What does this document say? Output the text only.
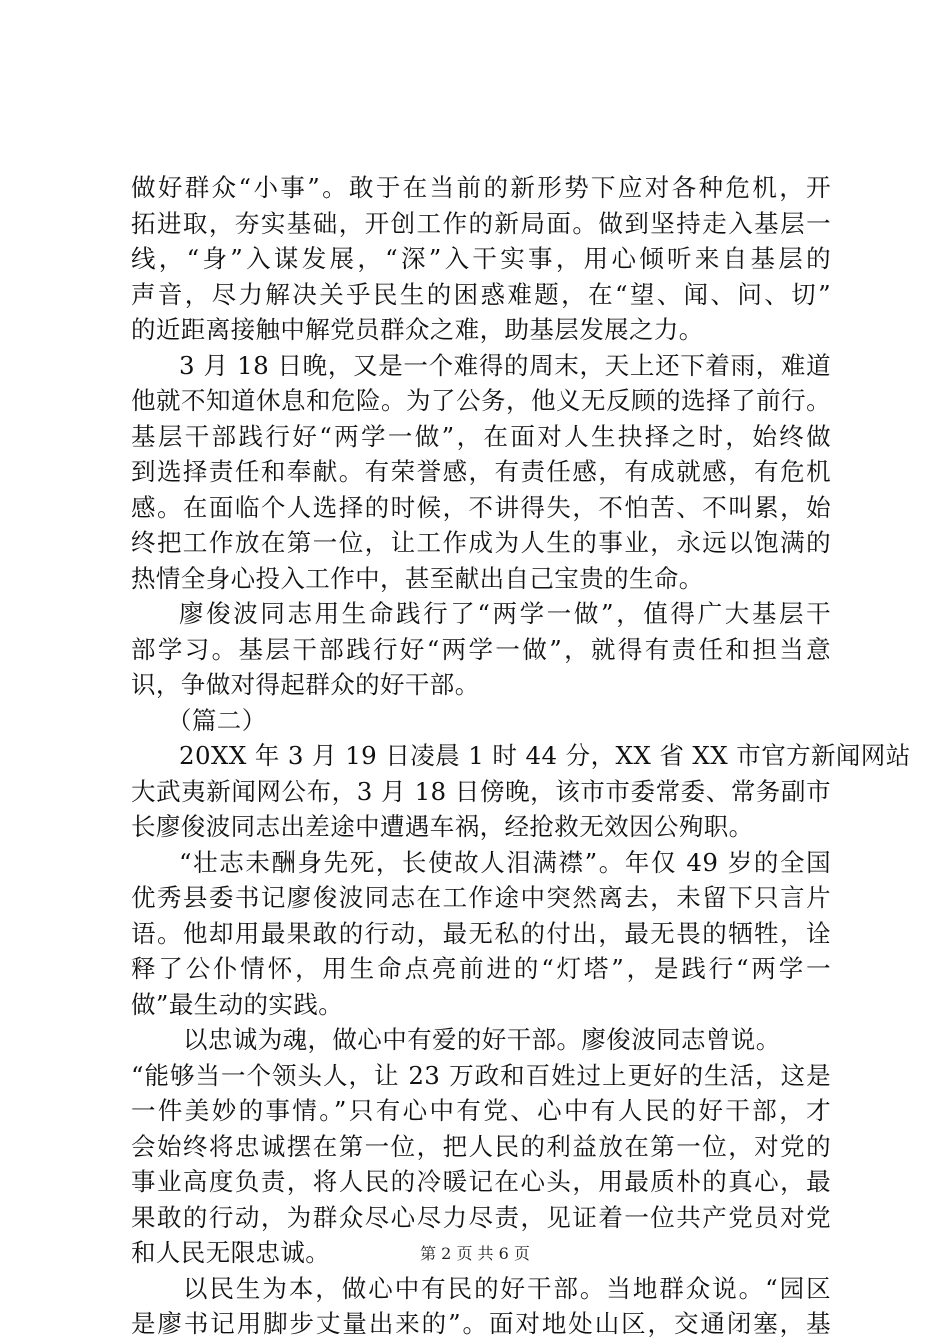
做好群众“小事”。敢于在当前的新形势下应对各种危机，开
拓进取，夯实基础，开创工作的新局面。做到坚持走入基层一
线，“身”入谋发展，“深”入干实事，用心倾听来自基层的
声音，尽力解决关乎民生的困惑难题，在“望、闻、问、切”
的近距离接触中解党员群众之难，助基层发展之力。
3 月 18 日晚，又是一个难得的周末，天上还下着雨，难道
他就不知道休息和危险。为了公务，他义无反顾的选择了前行。
基层干部践行好“两学一做”，在面对人生抉择之时，始终做
到选择责任和奉献。有荣誉感，有责任感，有成就感，有危机
感。在面临个人选择的时候，不讲得失，不怕苦、不叫累，始
终把工作放在第一位，让工作成为人生的事业，永远以饱满的
热情全身心投入工作中，甚至献出自己宝贵的生命。
廖俊波同志用生命践行了“两学一做”，值得广大基层干
部学习。基层干部践行好“两学一做”，就得有责任和担当意
识，争做对得起群众的好干部。
（篇二）
20XX 年 3 月 19 日凌晨 1 时 44 分，XX 省 XX 市官方新闻网站
大武夷新闻网公布，3 月 18 日傍晚，该市市委常委、常务副市
长廖俊波同志出差途中遭遇车祸，经抢救无效因公殉职。
“壮志未酬身先死，长使故人泪满襟”。年仅 49 岁的全国
优秀县委书记廖俊波同志在工作途中突然离去，未留下只言片
语。他却用最果敢的行动，最无私的付出，最无畏的牺牲，诠
释了公仆情怀，用生命点亮前进的“灯塔”，是践行“两学一
做”最生动的实践。
以忠诚为魂，做心中有爱的好干部。廖俊波同志曾说。
“能够当一个领头人，让 23 万政和百姓过上更好的生活，这是
一件美妙的事情。”只有心中有党、心中有人民的好干部，才
会始终将忠诚摆在第一位，把人民的利益放在第一位，对党的
事业高度负责，将人民的冷暖记在心头，用最质朴的真心，最
果敢的行动，为群众尽心尽力尽责，见证着一位共产党员对党
和人民无限忠诚。
以民生为本，做心中有民的好干部。当地群众说。“园区
是廖书记用脚步丈量出来的”。面对地处山区，交通闭塞，基
第 2 页 共 6 页
